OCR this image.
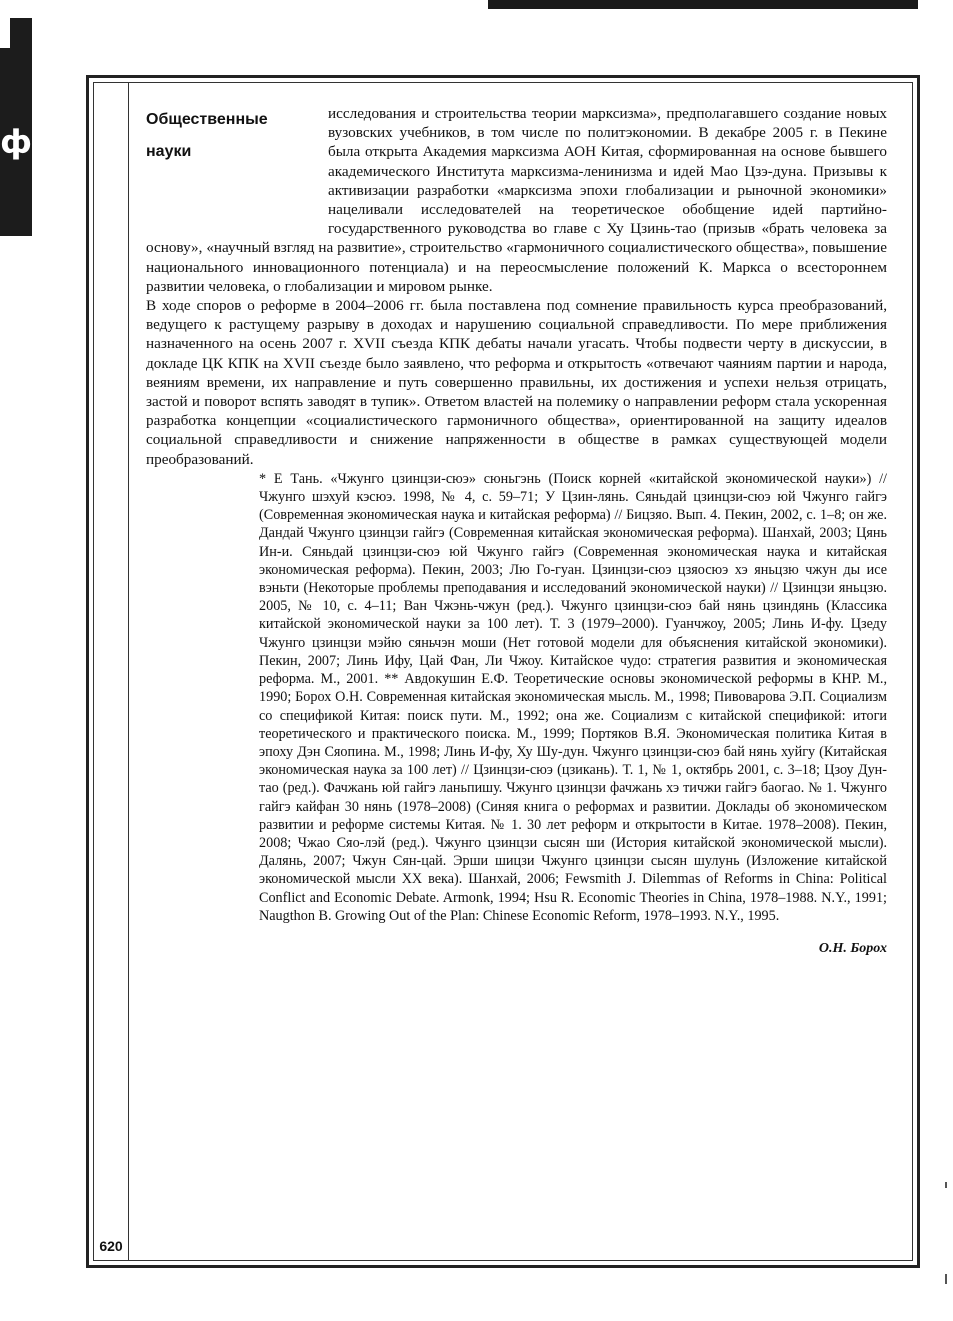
ф
620
Общественные
науки

исследования и строительства теории марксизма», предполагавшего создание новых вузовских учебников, в том числе по политэкономии. В декабре 2005 г. в Пекине была открыта Академия марксизма АОН Китая, сформированная на основе бывшего академического Института марксизма-ленинизма и идей Мао Цзэ-дуна. Призывы к активизации разработки «марксизма эпохи глобализации и рыночной экономики» нацеливали исследователей на теоретическое обобщение идей партийно-государственного руководства во главе с Ху Цзинь-тао (призыв «брать человека за основу», «научный взгляд на развитие», строительство «гармоничного социалистического общества», повышение национального инновационного потенциала) и на переосмысление положений К. Маркса о всестороннем развитии человека, о глобализации и мировом рынке.

В ходе споров о реформе в 2004–2006 гг. была поставлена под сомнение правильность курса преобразований, ведущего к растущему разрыву в доходах и нарушению социальной справедливости. По мере приближения назначенного на осень 2007 г. XVII съезда КПК дебаты начали угасать. Чтобы подвести черту в дискуссии, в докладе ЦК КПК на XVII съезде было заявлено, что реформа и открытость «отвечают чаяниям партии и народа, веяниям времени, их направление и путь совершенно правильны, их достижения и успехи нельзя отрицать, застой и поворот вспять заводят в тупик». Ответом властей на полемику о направлении реформ стала ускоренная разработка концепции «социалистического гармоничного общества», ориентированной на защиту идеалов социальной справедливости и снижение напряженности в обществе в рамках существующей модели преобразований.

* Е Тань. «Чжунго цзинцзи-сюэ» сюньгэнь (Поиск корней «китайской экономической науки») // Чжунго шэхуй кэсюэ. 1998, № 4, с. 59–71; У Цзин-лянь. Сяньдай цзинцзи-сюэ юй Чжунго гайгэ (Современная экономическая наука и китайская реформа) // Бицзяо. Вып. 4. Пекин, 2002, с. 1–8; он же. Дандай Чжунго цзинцзи гайгэ (Современная китайская экономическая реформа). Шанхай, 2003; Цянь Ин-и. Сяньдай цзинцзи-сюэ юй Чжунго гайгэ (Современная экономическая наука и китайская экономическая реформа). Пекин, 2003; Лю Го-гуан. Цзинцзи-сюэ цзяосюэ хэ яньцзю чжун ды исе вэньти (Некоторые проблемы преподавания и исследований экономической науки) // Цзинцзи яньцзю. 2005, № 10, с. 4–11; Ван Чжэнь-чжун (ред.). Чжунго цзинцзи-сюэ бай нянь цзиндянь (Классика китайской экономической науки за 100 лет). Т. 3 (1979–2000). Гуанчжоу, 2005; Линь И-фу. Цзеду Чжунго цзинцзи мэйю сяньчэн моши (Нет готовой модели для объяснения китайской экономики). Пекин, 2007; Линь Ифу, Цай Фан, Ли Чжоу. Китайское чудо: стратегия развития и экономическая реформа. М., 2001. ** Авдокушин Е.Ф. Теоретические основы экономической реформы в КНР. М., 1990; Борох О.Н. Современная китайская экономическая мысль. М., 1998; Пивоварова Э.П. Социализм со спецификой Китая: поиск пути. М., 1992; она же. Социализм с китайской спецификой: итоги теоретического и практического поиска. М., 1999; Портяков В.Я. Экономическая политика Китая в эпоху Дэн Сяопина. М., 1998; Линь И-фу, Ху Шу-дун. Чжунго цзинцзи-сюэ бай нянь хуйгу (Китайская экономическая наука за 100 лет) // Цзинцзи-сюэ (цзикань). Т. 1, № 1, октябрь 2001, с. 3–18; Цзоу Дун-тао (ред.). Фачжань юй гайгэ ланьпишу. Чжунго цзинцзи фачжань хэ тичжи гайгэ баогао. № 1. Чжунго гайгэ кайфан 30 нянь (1978–2008) (Синяя книга о реформах и развитии. Доклады об экономическом развитии и реформе системы Китая. № 1. 30 лет реформ и открытости в Китае. 1978–2008). Пекин, 2008; Чжао Сяо-лэй (ред.). Чжунго цзинцзи сысян ши (История китайской экономической мысли). Далянь, 2007; Чжун Сян-цай. Эрши шицзи Чжунго цзинцзи сысян шулунь (Изложение китайской экономической мысли XX века). Шанхай, 2006; Fewsmith J. Dilemmas of Reforms in China: Political Conflict and Economic Debate. Armonk, 1994; Hsu R. Economic Theories in China, 1978–1988. N.Y., 1991; Naugthon B. Growing Out of the Plan: Chinese Economic Reform, 1978–1993. N.Y., 1995.

О.Н. Борох
